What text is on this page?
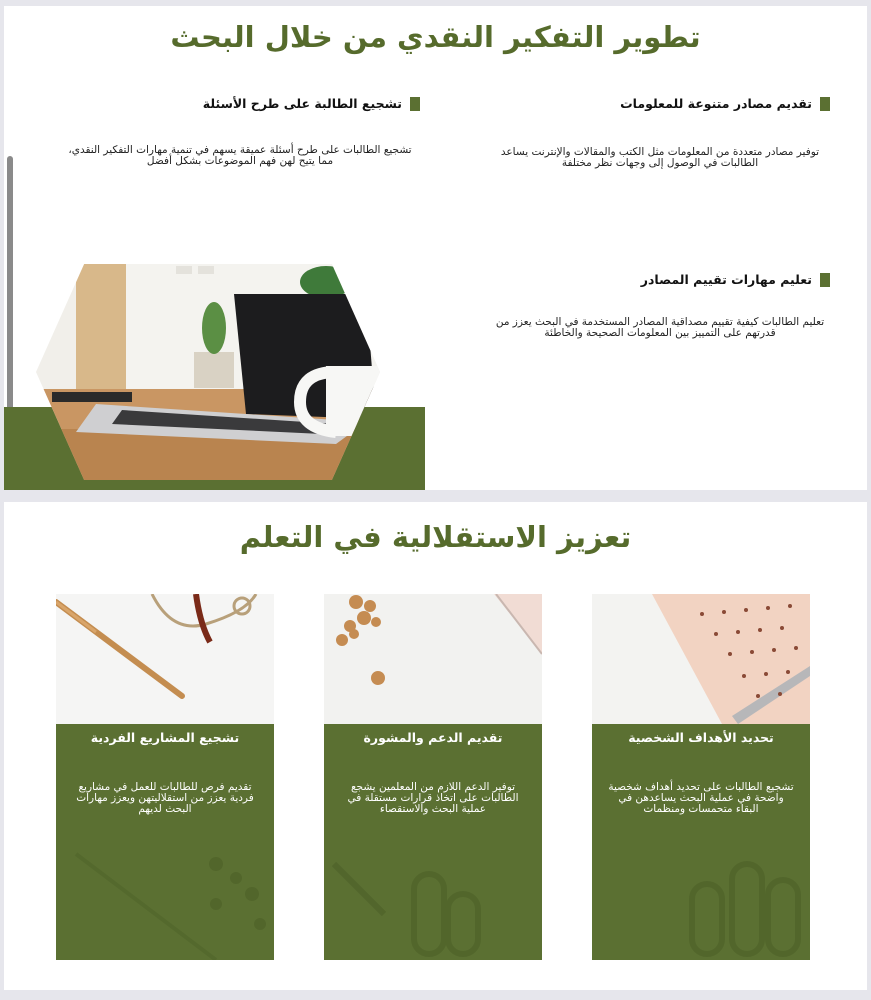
تطوير التفكير النقدي من خلال البحث
تقديم مصادر متنوعة للمعلومات
توفير مصادر متعددة من المعلومات مثل الكتب والمقالات والإنترنت يساعد الطالبات في الوصول إلى وجهات نظر مختلفة
تشجيع الطالبة على طرح الأسئلة
تشجيع الطالبات على طرح أسئلة عميقة يسهم في تنمية مهارات التفكير النقدي، مما يتيح لهن فهم الموضوعات بشكل أفضل
تعليم مهارات تقييم المصادر
تعليم الطالبات كيفية تقييم مصداقية المصادر المستخدمة في البحث يعزز من قدرتهم على التمييز بين المعلومات الصحيحة والخاطئة
تعزيز الاستقلالية في التعلم
تحديد الأهداف الشخصية
تشجيع الطالبات على تحديد أهداف شخصية واضحة في عملية البحث يساعدهن في البقاء متحمسات ومنظمات
تقديم الدعم والمشورة
توفير الدعم اللازم من المعلمين يشجع الطالبات على اتخاذ قرارات مستقلة في عملية البحث والاستقصاء
تشجيع المشاريع الفردية
تقديم فرص للطالبات للعمل في مشاريع فردية يعزز من استقلاليتهن ويعزز مهارات البحث لديهم
